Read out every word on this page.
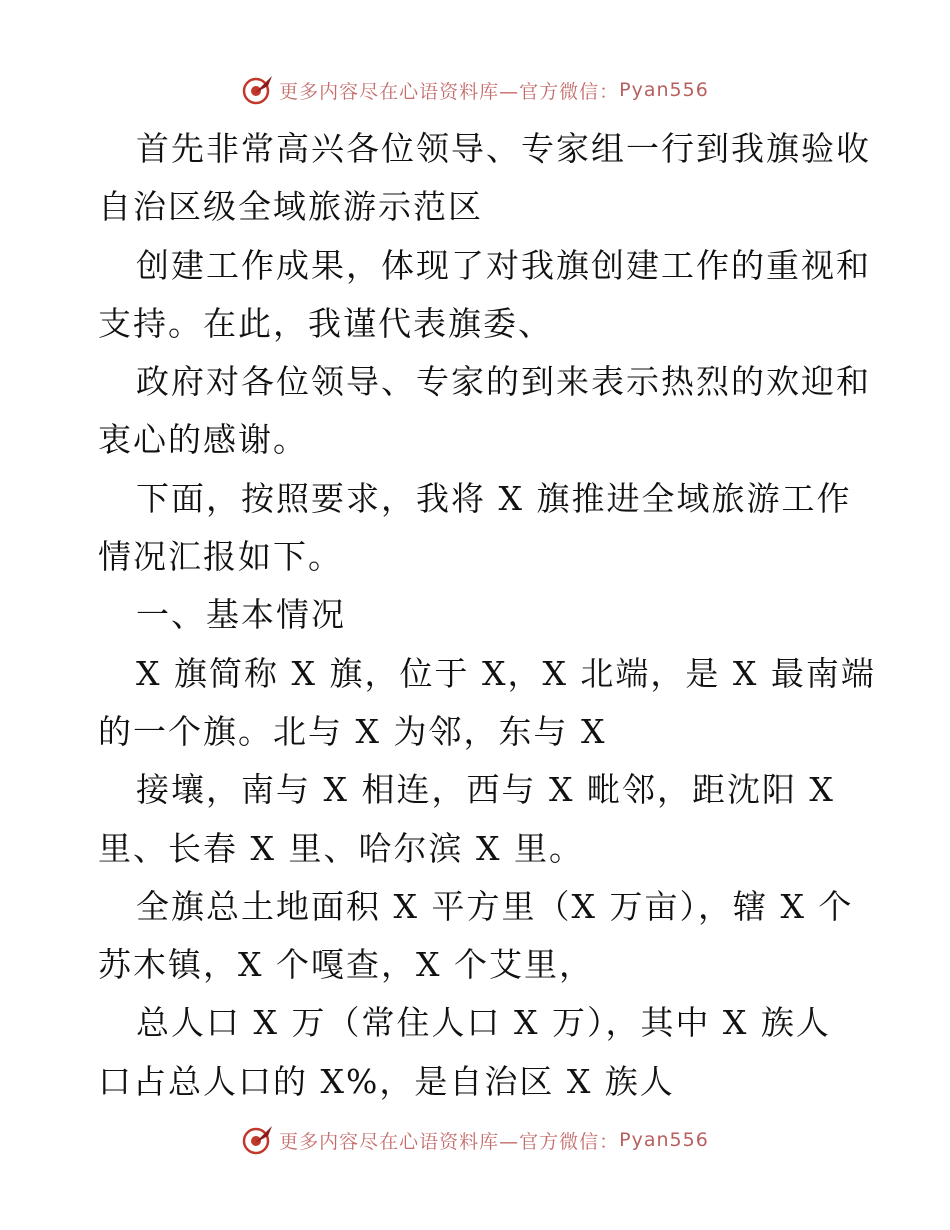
更多内容尽在心语资料库—官方微信： Pyan556
首先非常高兴各位领导、专家组一行到我旗验收
自治区级全域旅游示范区
创建工作成果，体现了对我旗创建工作的重视和
支持。在此，我谨代表旗委、
政府对各位领导、专家的到来表示热烈的欢迎和
衷心的感谢。
下面，按照要求，我将 X 旗推进全域旅游工作
情况汇报如下。
一、基本情况
X 旗简称 X 旗，位于 X，X 北端，是 X 最南端
的一个旗。北与 X 为邻，东与 X
接壤，南与 X 相连，西与 X 毗邻，距沈阳 X
里、长春 X 里、哈尔滨 X 里。
全旗总土地面积 X 平方里（X 万亩），辖 X 个
苏木镇，X 个嘎查，X 个艾里，
总人口 X 万（常住人口 X 万），其中 X 族人
口占总人口的 X%，是自治区 X 族人
更多内容尽在心语资料库—官方微信： Pyan556
